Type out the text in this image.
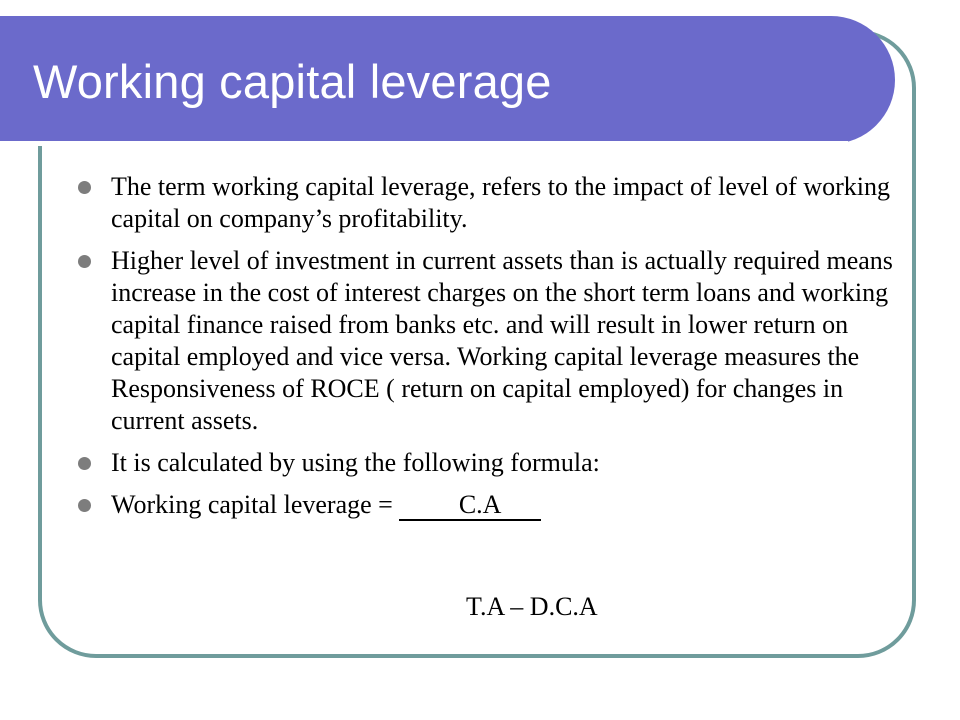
Working capital leverage
The term working capital leverage, refers to the impact of level of working capital on company’s profitability.
Higher level of investment in current assets than is actually required means increase in the cost of interest charges on the short term loans and working capital finance raised from banks etc. and will result in lower return on capital employed and vice versa. Working capital leverage measures the Responsiveness of ROCE ( return on capital employed) for changes in current assets.
It is calculated by using the following formula:
Working capital leverage =	C.A
T.A – D.C.A
